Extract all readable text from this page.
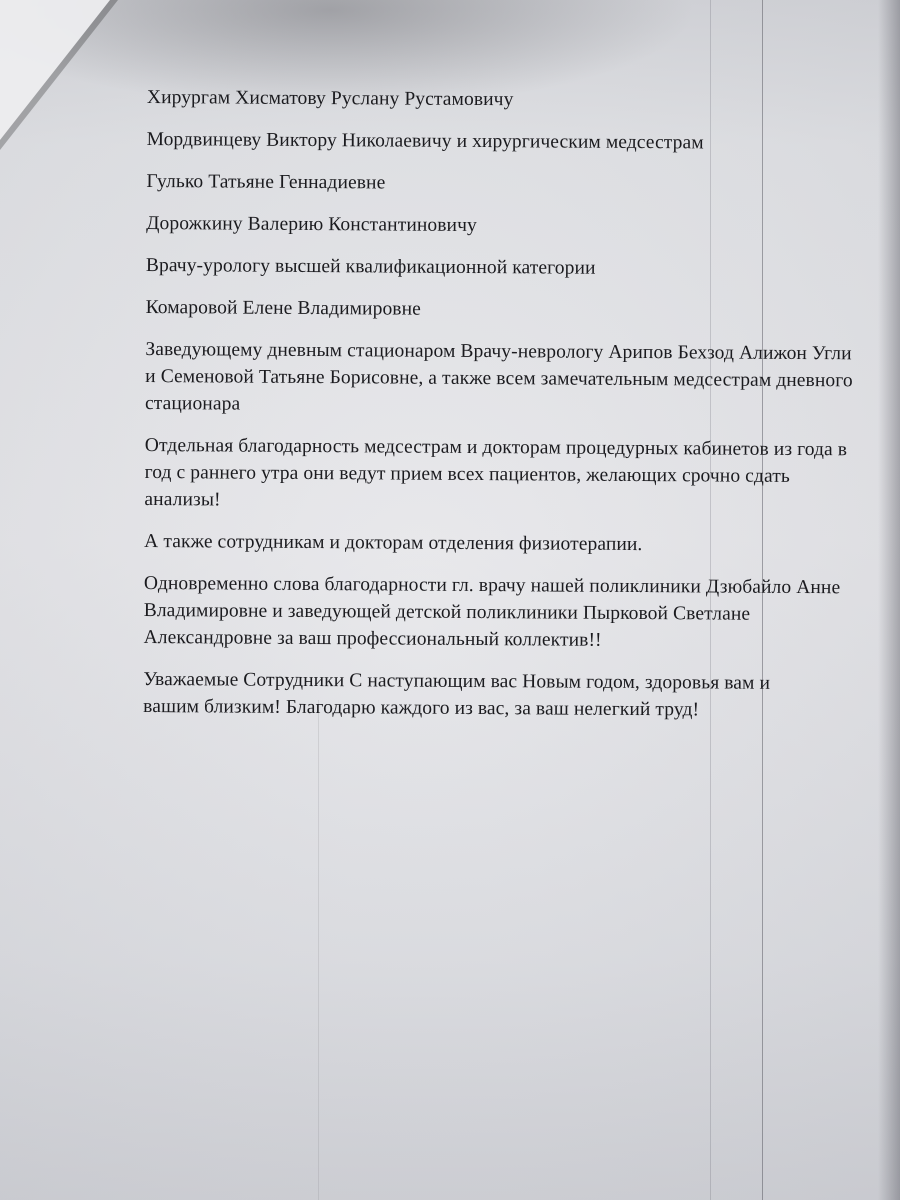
Хирургам Хисматову Руслану Рустамовичу

Мордвинцеву Виктору Николаевичу и хирургическим медсестрам

Гулько Татьяне Геннадиевне

Дорожкину Валерию Константиновичу

Врачу-урологу высшей квалификационной категории

Комаровой Елене Владимировне

Заведующему дневным стационаром Врачу-неврологу Арипов Бехзод Алижон Угли и Семеновой Татьяне Борисовне, а также всем замечательным медсестрам дневного стационара

Отдельная благодарность медсестрам и докторам процедурных кабинетов из года в год с раннего утра они ведут прием всех пациентов, желающих срочно сдать анализы!

А также сотрудникам и докторам отделения физиотерапии.

Одновременно слова благодарности гл. врачу нашей поликлиники Дзюбайло Анне Владимировне и заведующей детской поликлиники Пырковой Светлане Александровне за ваш профессиональный коллектив!!

Уважаемые Сотрудники С наступающим вас Новым годом, здоровья вам и вашим близким! Благодарю каждого из вас, за ваш нелегкий труд!
